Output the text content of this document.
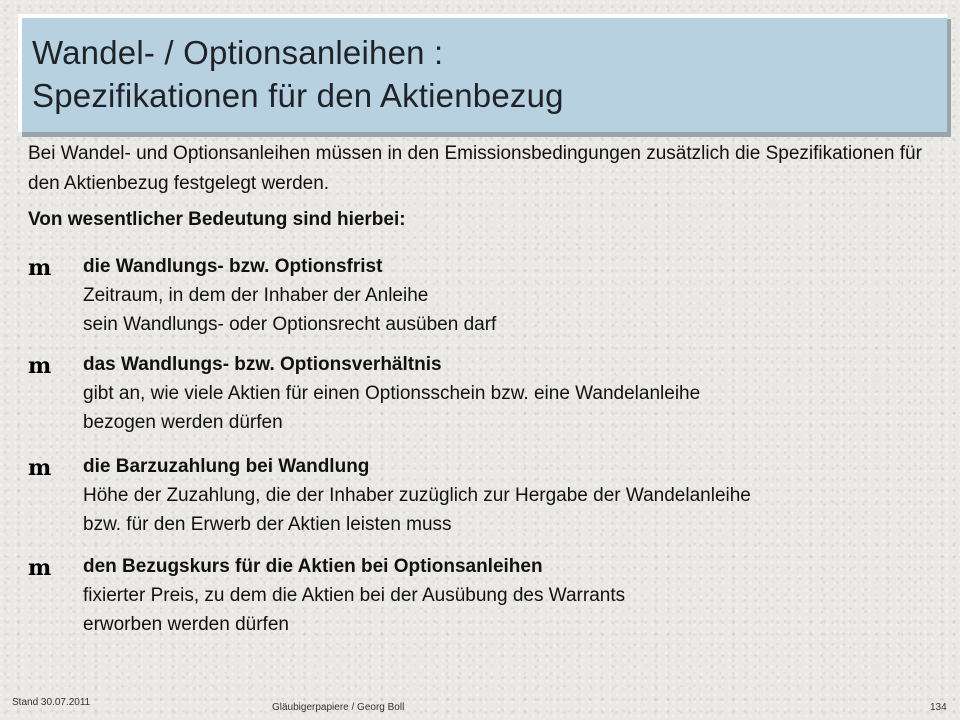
Wandel- / Optionsanleihen :
Spezifikationen für den Aktienbezug
Bei Wandel- und Optionsanleihen müssen in den Emissionsbedingungen zusätzlich die Spezifikationen für den Aktienbezug festgelegt werden.
Von wesentlicher Bedeutung sind hierbei:
m die Wandlungs- bzw. Optionsfrist
Zeitraum, in dem der Inhaber der Anleihe
sein Wandlungs- oder Optionsrecht ausüben darf
m das Wandlungs- bzw. Optionsverhältnis
gibt an, wie viele Aktien für einen Optionsschein bzw. eine Wandelanleihe
bezogen werden dürfen
m die Barzuzahlung bei Wandlung
Höhe der Zuzahlung, die der Inhaber zuzüglich zur Hergabe der Wandelanleihe
bzw. für den Erwerb der Aktien leisten muss
m den Bezugskurs für die Aktien bei Optionsanleihen
fixierter Preis, zu dem die Aktien bei der Ausübung des Warrants
erworben werden dürfen
Stand 30.07.2011	Gläubigerpapiere / Georg Boll	134
